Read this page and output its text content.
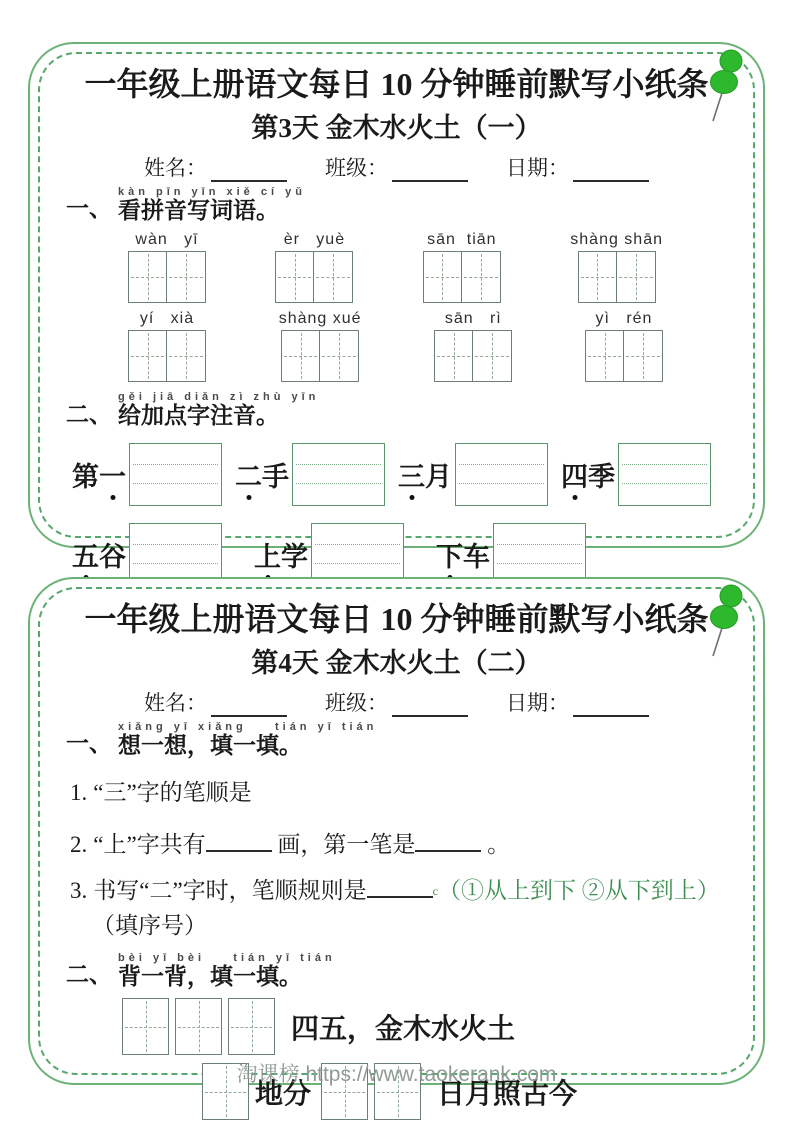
一年级上册语文每日 10 分钟睡前默写小纸条
第3天 金木水火土（一）
姓名：	班级：	日期：
一、
kàn pīn yīn xiě cí yǔ
看拼音写词语。
wàn   yī	èr   yuè	sān  tiān	shàng shān
yí   xià	shàng xué	sān   rì	yì   rén
二、
gěi jiā diǎn zì zhù yīn
给加点字注音。
第一	二手	三月	四季
五谷	上学	下车
一年级上册语文每日 10 分钟睡前默写小纸条
第4天 金木水火土（二）
姓名：	班级：	日期：
一、
xiǎng yī xiǎng    tián yī tián
想一想，填一填。

1. “三”字的笔顺是

2. “上”字共有	画，第一笔是	。

3. 书写“二”字时，笔顺规则是	c（①从上到下 ②从下到上）（填序号）

二、
bèi yī bèi    tián yī tián
背一背，填一填。
四五，金木水火土
地分	日月照古今
淘课榜 https://www.taokerank.com
